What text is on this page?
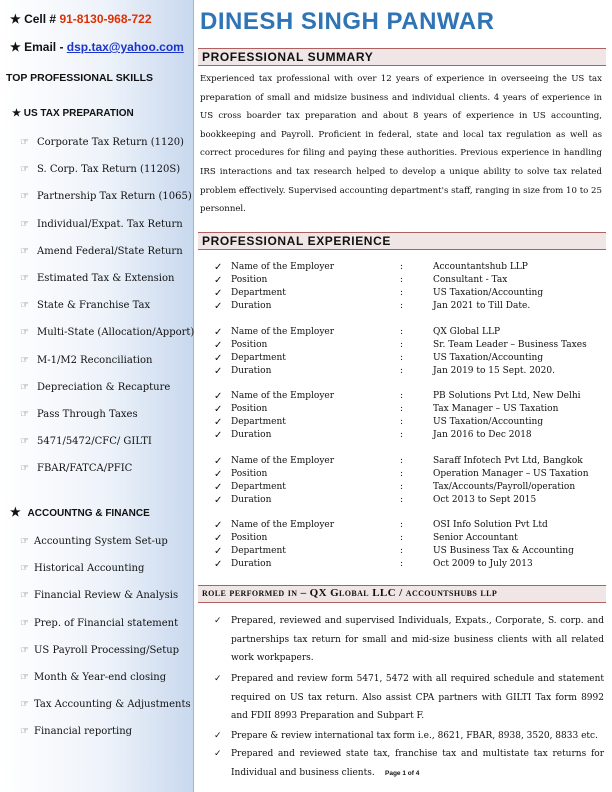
★ Cell # 91-8130-968-722
★ Email - dsp.tax@yahoo.com
TOP PROFESSIONAL SKILLS
★ US TAX PREPARATION
☞ Corporate Tax Return (1120)
☞ S. Corp. Tax Return (1120S)
☞ Partnership Tax Return (1065)
☞ Individual/Expat. Tax Return
☞ Amend Federal/State Return
☞ Estimated Tax & Extension
☞ State & Franchise Tax
☞ Multi-State (Allocation/Apport)
☞ M-1/M2 Reconciliation
☞ Depreciation & Recapture
☞ Pass Through Taxes
☞ 5471/5472/CFC/ GILTI
☞ FBAR/FATCA/PFIC
★ ACCOUNTNG & FINANCE
☞ Accounting System Set-up
☞ Historical Accounting
☞ Financial Review & Analysis
☞ Prep. of Financial statement
☞ US Payroll Processing/Setup
☞ Month & Year-end closing
☞ Tax Accounting & Adjustments
☞ Financial reporting
DINESH SINGH PANWAR
PROFESSIONAL SUMMARY
Experienced tax professional with over 12 years of experience in overseeing the US tax preparation of small and midsize business and individual clients. 4 years of experience in US cross boarder tax preparation and about 8 years of experience in US accounting, bookkeeping and Payroll. Proficient in federal, state and local tax regulation as well as correct procedures for filing and paying these authorities. Previous experience in handling IRS interactions and tax research helped to develop a unique ability to solve tax related problem effectively. Supervised accounting department's staff, ranging in size from 10 to 25 personnel.
PROFESSIONAL EXPERIENCE
✓ Name of the Employer	:	Accountantshub LLP
✓ Position	:	Consultant - Tax
✓ Department	:	US Taxation/Accounting
✓ Duration	:	Jan 2021 to Till Date.
✓ Name of the Employer	:	QX Global LLP
✓ Position	:	Sr. Team Leader – Business Taxes
✓ Department	:	US Taxation/Accounting
✓ Duration	:	Jan 2019 to 15 Sept. 2020.
✓ Name of the Employer	:	PB Solutions Pvt Ltd, New Delhi
✓ Position	:	Tax Manager – US Taxation
✓ Department	:	US Taxation/Accounting
✓ Duration	:	Jan 2016 to Dec 2018
✓ Name of the Employer	:	Saraff Infotech Pvt Ltd, Bangkok
✓ Position	:	Operation Manager – US Taxation
✓ Department	:	Tax/Accounts/Payroll/operation
✓ Duration	:	Oct 2013 to Sept 2015
✓ Name of the Employer	:	OSI Info Solution Pvt Ltd
✓ Position	:	Senior Accountant
✓ Department	:	US Business Tax & Accounting
✓ Duration	:	Oct 2009 to July 2013
role performed in – QX Global LLC / accountshubs llp
✓ Prepared, reviewed and supervised Individuals, Expats., Corporate, S. corp. and partnerships tax return for small and mid-size business clients with all related work workpapers.
✓ Prepared and review form 5471, 5472 with all required schedule and statement required on US tax return. Also assist CPA partners with GILTI Tax form 8992 and FDII 8993 Preparation and Subpart F.
✓ Prepare & review international tax form i.e., 8621, FBAR, 8938, 3520, 8833 etc.
✓ Prepared and reviewed state tax, franchise tax and multistate tax returns for Individual and business clients.	Page 1 of 4
